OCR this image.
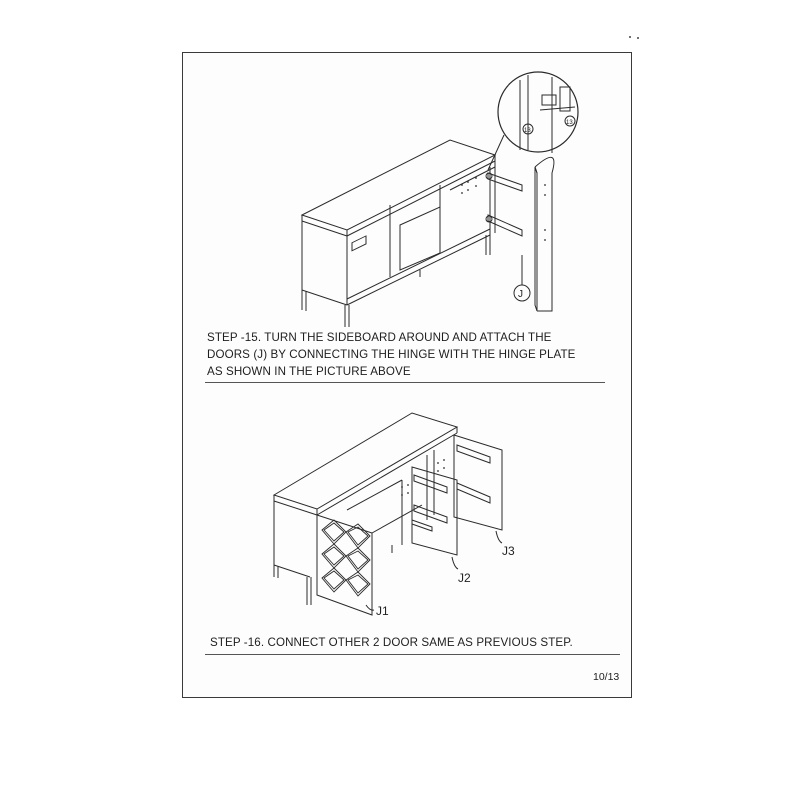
J
13
13
STEP -15. TURN THE SIDEBOARD AROUND AND ATTACH THE
DOORS (J) BY CONNECTING THE HINGE WITH THE HINGE PLATE
AS SHOWN IN THE PICTURE ABOVE
J1
J2
J3
STEP -16. CONNECT OTHER 2 DOOR SAME AS PREVIOUS STEP.
10/13
